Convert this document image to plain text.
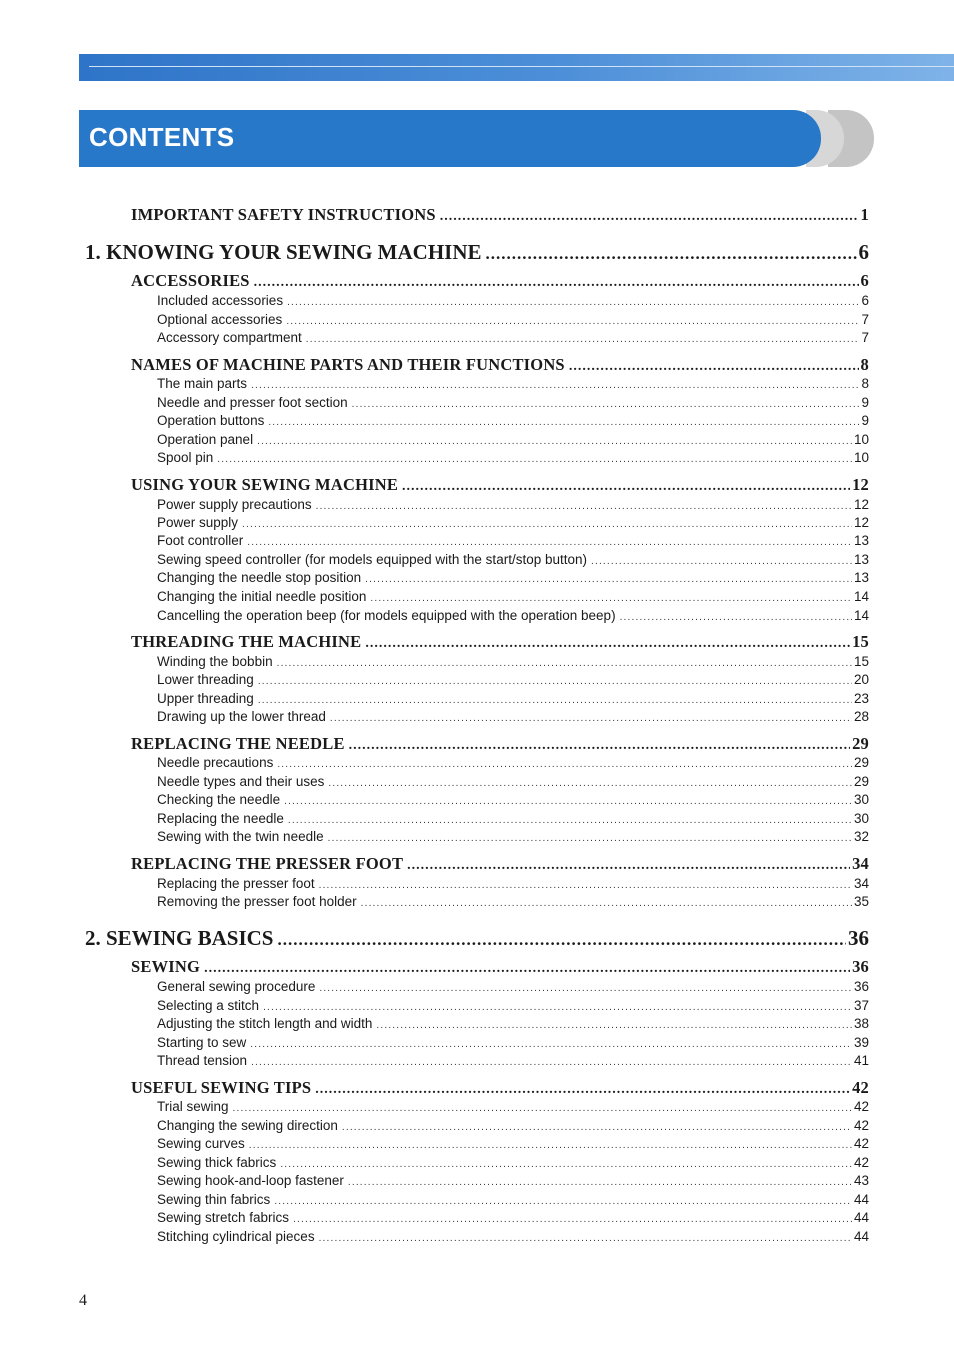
CONTENTS
IMPORTANT SAFETY INSTRUCTIONS .....	1
1. KNOWING YOUR SEWING MACHINE .....	6
ACCESSORIES .....	6
Included accessories .....	6
Optional accessories .....	7
Accessory compartment .....	7
NAMES OF MACHINE PARTS AND THEIR FUNCTIONS .....	8
The main parts .....	8
Needle and presser foot section .....	9
Operation buttons .....	9
Operation panel .....	10
Spool pin .....	10
USING YOUR SEWING MACHINE .....	12
Power supply precautions .....	12
Power supply .....	12
Foot controller .....	13
Sewing speed controller (for models equipped with the start/stop button) .....	13
Changing the needle stop position .....	13
Changing the initial needle position .....	14
Cancelling the operation beep (for models equipped with the operation beep) .....	14
THREADING THE MACHINE .....	15
Winding the bobbin .....	15
Lower threading .....	20
Upper threading .....	23
Drawing up the lower thread .....	28
REPLACING THE NEEDLE .....	29
Needle precautions .....	29
Needle types and their uses .....	29
Checking the needle .....	30
Replacing the needle .....	30
Sewing with the twin needle .....	32
REPLACING THE PRESSER FOOT .....	34
Replacing the presser foot .....	34
Removing the presser foot holder .....	35
2. SEWING BASICS .....	36
SEWING .....	36
General sewing procedure .....	36
Selecting a stitch .....	37
Adjusting the stitch length and width .....	38
Starting to sew .....	39
Thread tension .....	41
USEFUL SEWING TIPS .....	42
Trial sewing .....	42
Changing the sewing direction .....	42
Sewing curves .....	42
Sewing thick fabrics .....	42
Sewing hook-and-loop fastener .....	43
Sewing thin fabrics .....	44
Sewing stretch fabrics .....	44
Stitching cylindrical pieces .....	44
4
